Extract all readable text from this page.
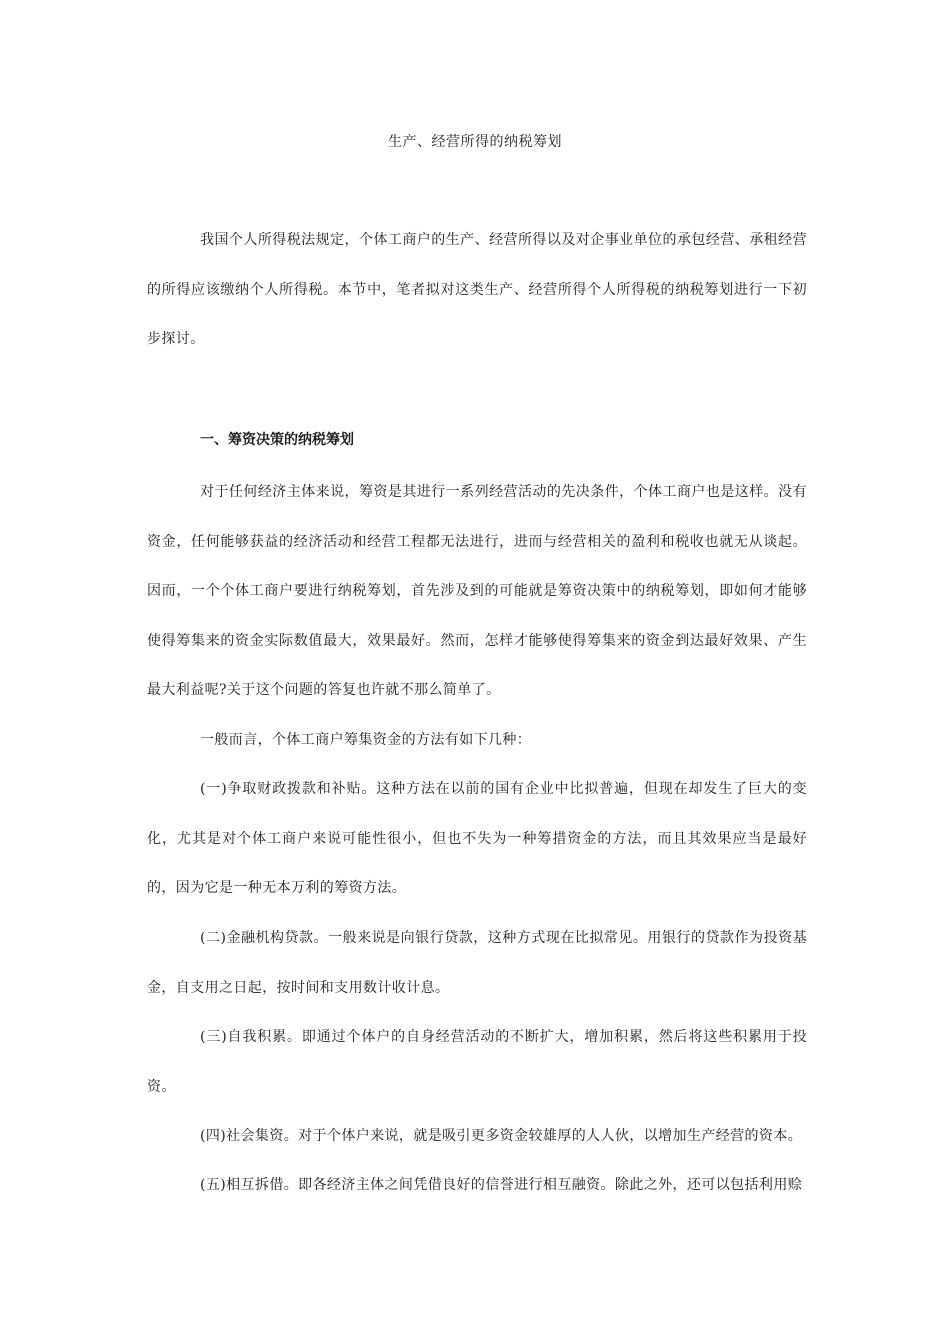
生产、经营所得的纳税筹划

我国个人所得税法规定，个体工商户的生产、经营所得以及对企事业单位的承包经营、承租经营的所得应该缴纳个人所得税。本节中，笔者拟对这类生产、经营所得个人所得税的纳税筹划进行一下初步探讨。

一、筹资决策的纳税筹划

对于任何经济主体来说，筹资是其进行一系列经营活动的先决条件，个体工商户也是这样。没有资金，任何能够获益的经济活动和经营工程都无法进行，进而与经营相关的盈利和税收也就无从谈起。因而，一个个体工商户要进行纳税筹划，首先涉及到的可能就是筹资决策中的纳税筹划，即如何才能够使得筹集来的资金实际数值最大，效果最好。然而，怎样才能够使得筹集来的资金到达最好效果、产生最大利益呢?关于这个问题的答复也许就不那么简单了。

一般而言，个体工商户筹集资金的方法有如下几种：

(一)争取财政拨款和补贴。这种方法在以前的国有企业中比拟普遍，但现在却发生了巨大的变化，尤其是对个体工商户来说可能性很小，但也不失为一种筹措资金的方法，而且其效果应当是最好的，因为它是一种无本万利的筹资方法。

(二)金融机构贷款。一般来说是向银行贷款，这种方式现在比拟常见。用银行的贷款作为投资基金，自支用之日起，按时间和支用数计收计息。

(三)自我积累。即通过个体户的自身经营活动的不断扩大，增加积累，然后将这些积累用于投资。

(四)社会集资。对于个体户来说，就是吸引更多资金较雄厚的人人伙，以增加生产经营的资本。

(五)相互拆借。即各经济主体之间凭借良好的信誉进行相互融资。除此之外，还可以包括利用赊
